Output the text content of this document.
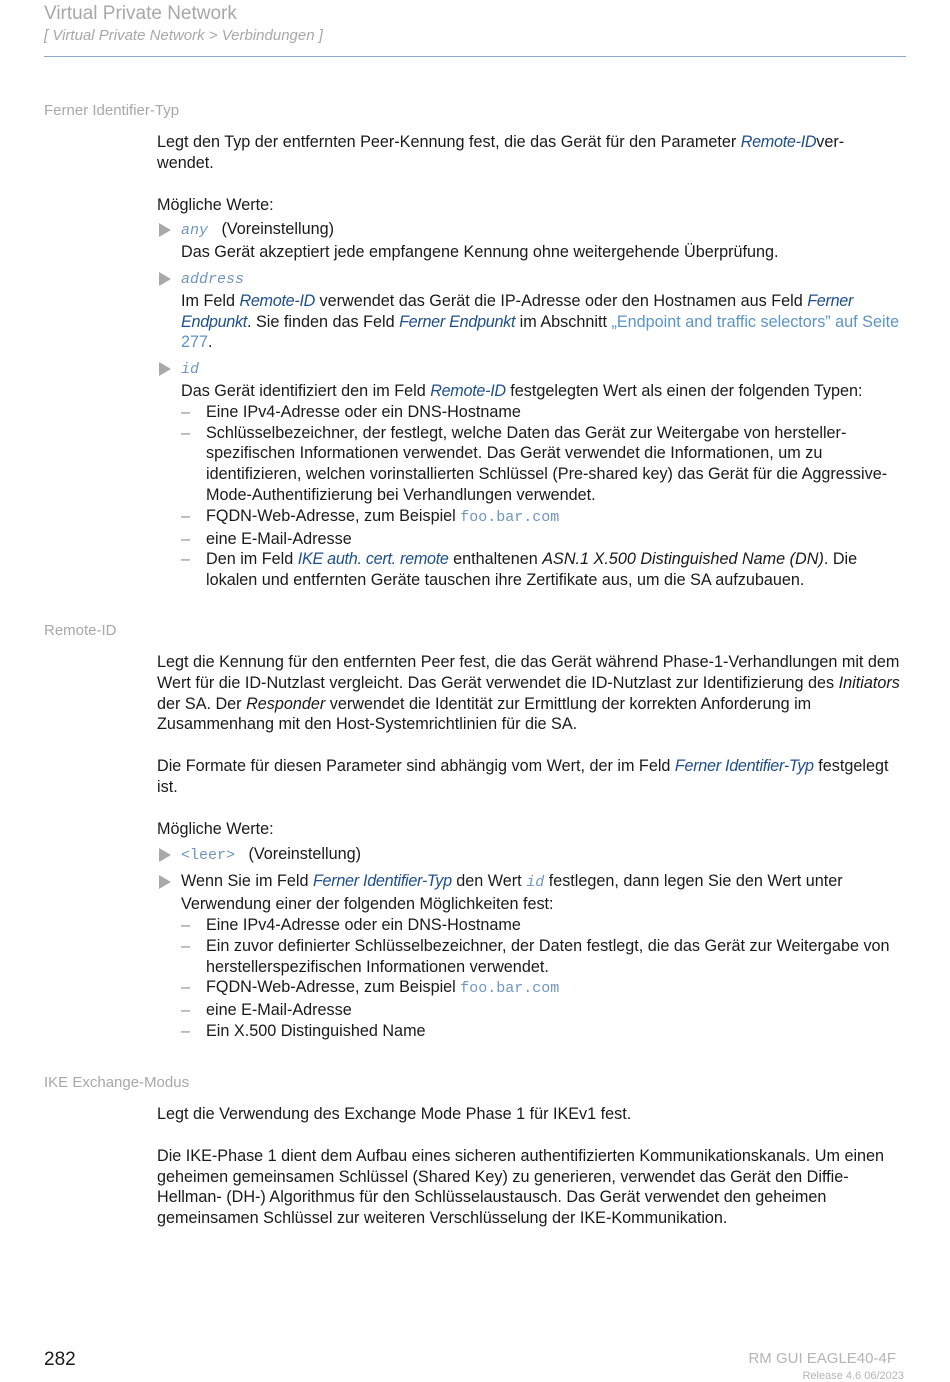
Virtual Private Network
[ Virtual Private Network > Verbindungen ]
Ferner Identifier-Typ

Legt den Typ der entfernten Peer-Kennung fest, die das Gerät für den Parameter Remote-IDver-
wendet.

Mögliche Werte:

any (Voreinstellung)
Das Gerät akzeptiert jede empfangene Kennung ohne weitergehende Überprüfung.
address
Im Feld Remote-ID verwendet das Gerät die IP-Adresse oder den Hostnamen aus Feld Ferner Endpunkt. Sie finden das Feld Ferner Endpunkt im Abschnitt „Endpoint and traffic selectors” auf Seite 277.
id
Das Gerät identifiziert den im Feld Remote-ID festgelegten Wert als einen der folgenden Typen:
– Eine IPv4-Adresse oder ein DNS-Hostname
– Schlüsselbezeichner, der festlegt, welche Daten das Gerät zur Weitergabe von hersteller-spezifischen Informationen verwendet. Das Gerät verwendet die Informationen, um zu identifizieren, welchen vorinstallierten Schlüssel (Pre-shared key) das Gerät für die Aggressive-Mode-Authentifizierung bei Verhandlungen verwendet.
– FQDN-Web-Adresse, zum Beispiel foo.bar.com
– eine E-Mail-Adresse
– Den im Feld IKE auth. cert. remote enthaltenen ASN.1 X.500 Distinguished Name (DN). Die lokalen und entfernten Geräte tauschen ihre Zertifikate aus, um die SA aufzubauen.
Remote-ID

Legt die Kennung für den entfernten Peer fest, die das Gerät während Phase-1-Verhandlungen mit dem Wert für die ID-Nutzlast vergleicht. Das Gerät verwendet die ID-Nutzlast zur Identifizierung des Initiators der SA. Der Responder verwendet die Identität zur Ermittlung der korrekten Anforderung im Zusammenhang mit den Host-Systemrichtlinien für die SA.

Die Formate für diesen Parameter sind abhängig vom Wert, der im Feld Ferner Identifier-Typ festgelegt ist.

Mögliche Werte:

<leer> (Voreinstellung)
Wenn Sie im Feld Ferner Identifier-Typ den Wert id festlegen, dann legen Sie den Wert unter Verwendung einer der folgenden Möglichkeiten fest:
– Eine IPv4-Adresse oder ein DNS-Hostname
– Ein zuvor definierter Schlüsselbezeichner, der Daten festlegt, die das Gerät zur Weitergabe von herstellerspezifischen Informationen verwendet.
– FQDN-Web-Adresse, zum Beispiel foo.bar.com
– eine E-Mail-Adresse
– Ein X.500 Distinguished Name
IKE Exchange-Modus

Legt die Verwendung des Exchange Mode Phase 1 für IKEv1 fest.

Die IKE-Phase 1 dient dem Aufbau eines sicheren authentifizierten Kommunikationskanals. Um einen geheimen gemeinsamen Schlüssel (Shared Key) zu generieren, verwendet das Gerät den Diffie-Hellman- (DH-) Algorithmus für den Schlüsselaustausch. Das Gerät verwendet den geheimen gemeinsamen Schlüssel zur weiteren Verschlüsselung der IKE-Kommunikation.

282	RM GUI EAGLE40-4F
Release 4.6 06/2023
